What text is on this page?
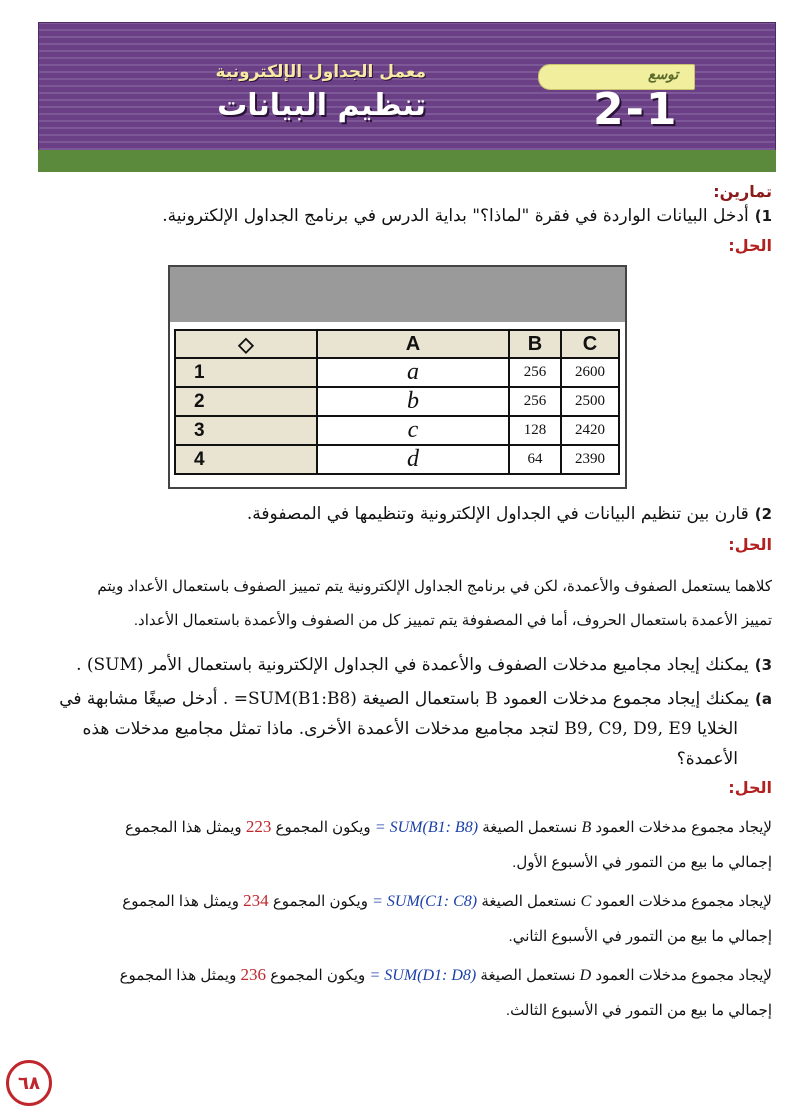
توسع
2-1
معمل الجداول الإلكترونية
تنظيم البيانات
تمارين:
1)أدخل البيانات الواردة في فقرة "لماذا؟" بداية الدرس في برنامج الجداول الإلكترونية.
الحل:
◇	A	B	C
1	a	256	2600
2	b	256	2500
3	c	128	2420
4	d	64	2390
2)قارن بين تنظيم البيانات في الجداول الإلكترونية وتنظيمها في المصفوفة.
الحل:
كلاهما يستعمل الصفوف والأعمدة، لكن في برنامج الجداول الإلكترونية يتم تمييز الصفوف باستعمال الأعداد ويتم
تمييز الأعمدة باستعمال الحروف، أما في المصفوفة يتم تمييز كل من الصفوف والأعمدة باستعمال الأعداد.
3)يمكنك إيجاد مجاميع مدخلات الصفوف والأعمدة في الجداول الإلكترونية باستعمال الأمر (SUM) .
a)يمكنك إيجاد مجموع مدخلات العمود B باستعمال الصيغة SUM(B1:B8)= . أدخل صيغًا مشابهة في
الخلايا B9, C9, D9, E9 لتجد مجاميع مدخلات الأعمدة الأخرى. ماذا تمثل مجاميع مدخلات هذه
الأعمدة؟
الحل:
لإيجاد مجموع مدخلات العمود B نستعمل الصيغة = SUM(B1: B8) ويكون المجموع 223 ويمثل هذا المجموع
إجمالي ما بيع من التمور في الأسبوع الأول.
لإيجاد مجموع مدخلات العمود C نستعمل الصيغة = SUM(C1: C8) ويكون المجموع 234 ويمثل هذا المجموع
إجمالي ما بيع من التمور في الأسبوع الثاني.
لإيجاد مجموع مدخلات العمود D نستعمل الصيغة = SUM(D1: D8) ويكون المجموع 236 ويمثل هذا المجموع
إجمالي ما بيع من التمور في الأسبوع الثالث.
٦٨
